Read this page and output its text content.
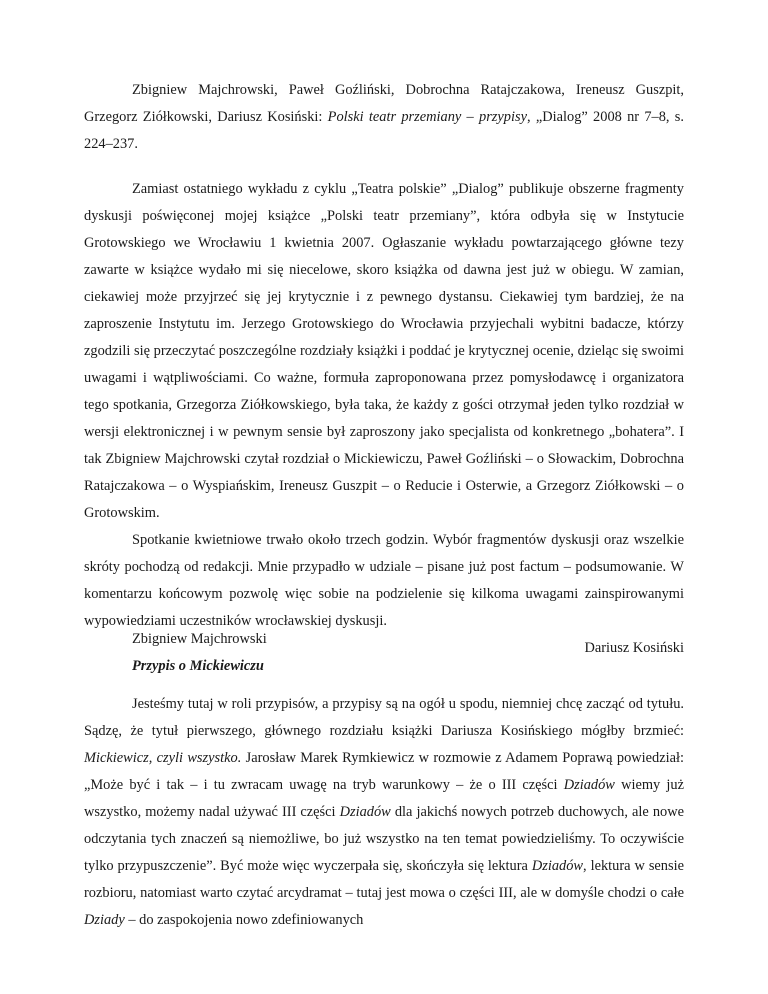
Zbigniew Majchrowski, Paweł Goźliński, Dobrochna Ratajczakowa, Ireneusz Guszpit, Grzegorz Ziółkowski, Dariusz Kosiński: Polski teatr przemiany – przypisy, „Dialog” 2008 nr 7–8, s. 224–237.

Zamiast ostatniego wykładu z cyklu „Teatra polskie” „Dialog” publikuje obszerne fragmenty dyskusji poświęconej mojej książce „Polski teatr przemiany”, która odbyła się w Instytucie Grotowskiego we Wrocławiu 1 kwietnia 2007. Ogłaszanie wykładu powtarzającego główne tezy zawarte w książce wydało mi się niecelowe, skoro książka od dawna jest już w obiegu. W zamian, ciekawiej może przyjrzeć się jej krytycznie i z pewnego dystansu. Ciekawiej tym bardziej, że na zaproszenie Instytutu im. Jerzego Grotowskiego do Wrocławia przyjechali wybitni badacze, którzy zgodzili się przeczytać poszczególne rozdziały książki i poddać je krytycznej ocenie, dzieląc się swoimi uwagami i wątpliwościami. Co ważne, formuła zaproponowana przez pomysłodawcę i organizatora tego spotkania, Grzegorza Ziółkowskiego, była taka, że każdy z gości otrzymał jeden tylko rozdział w wersji elektronicznej i w pewnym sensie był zaproszony jako specjalista od konkretnego „bohatera”. I tak Zbigniew Majchrowski czytał rozdział o Mickiewiczu, Paweł Goźliński – o Słowackim, Dobrochna Ratajczakowa – o Wyspiańskim, Ireneusz Guszpit – o Reducie i Osterwie, a Grzegorz Ziółkowski – o Grotowskim.

Spotkanie kwietniowe trwało około trzech godzin. Wybór fragmentów dyskusji oraz wszelkie skróty pochodzą od redakcji. Mnie przypadło w udziale – pisane już post factum – podsumowanie. W komentarzu końcowym pozwolę więc sobie na podzielenie się kilkoma uwagami zainspirowanymi wypowiedziami uczestników wrocławskiej dyskusji.

Dariusz Kosiński
Zbigniew Majchrowski
Przypis o Mickiewiczu

Jesteśmy tutaj w roli przypisów, a przypisy są na ogół u spodu, niemniej chcę zacząć od tytułu. Sądzę, że tytuł pierwszego, głównego rozdziału książki Dariusza Kosińskiego mógłby brzmieć: Mickiewicz, czyli wszystko. Jarosław Marek Rymkiewicz w rozmowie z Adamem Poprawą powiedział: „Może być i tak – i tu zwracam uwagę na tryb warunkowy – że o III części Dziadów wiemy już wszystko, możemy nadal używać III części Dziadów dla jakichś nowych potrzeb duchowych, ale nowe odczytania tych znaczeń są niemożliwe, bo już wszystko na ten temat powiedzieliśmy. To oczywiście tylko przypuszczenie”. Być może więc wyczerpała się, skończyła się lektura Dziadów, lektura w sensie rozbioru, natomiast warto czytać arcydramat – tutaj jest mowa o części III, ale w domyśle chodzi o całe Dziady – do zaspokojenia nowo zdefiniowanych
